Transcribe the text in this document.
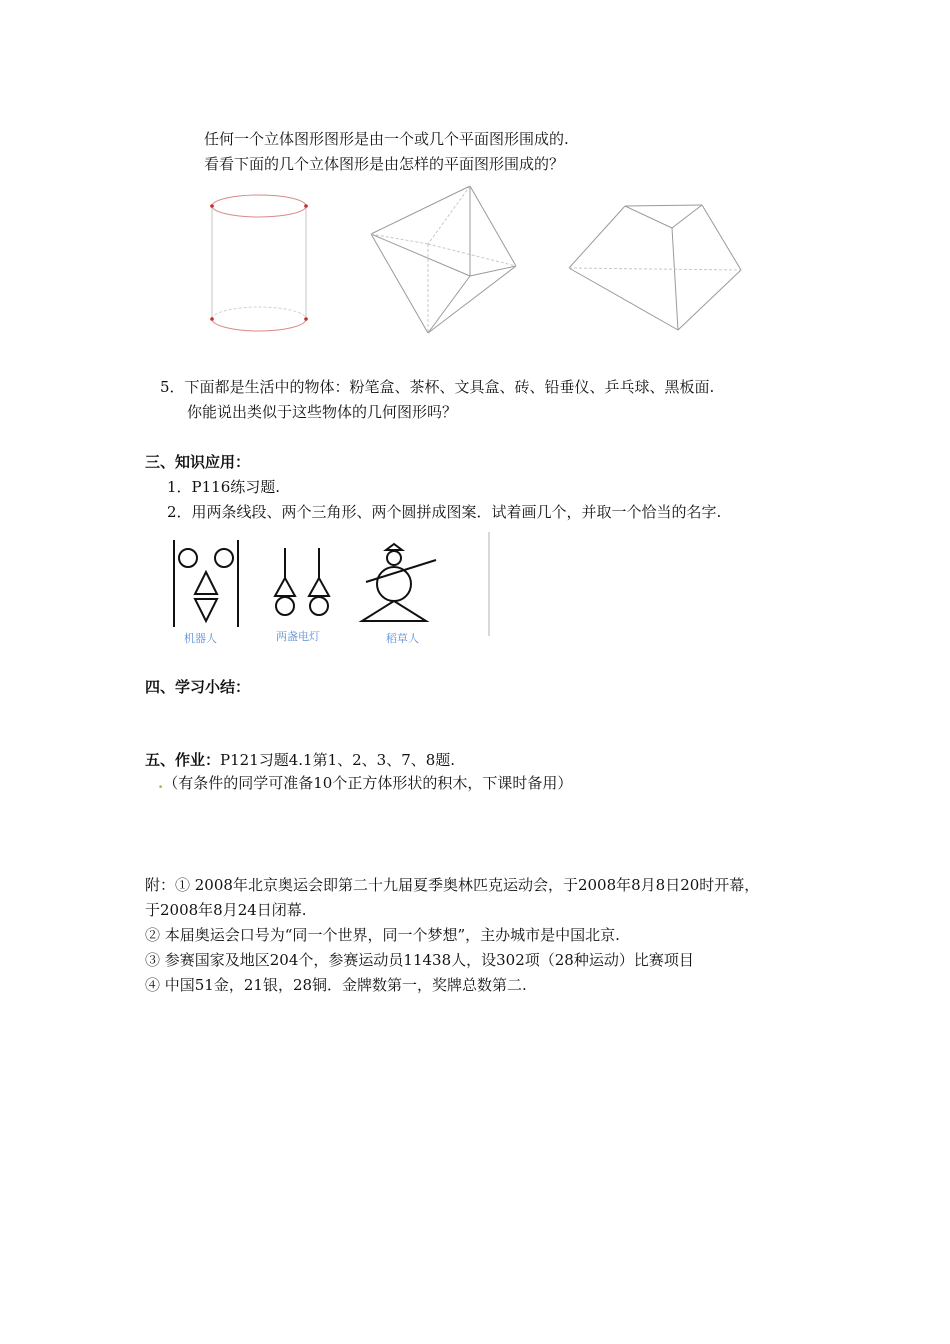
任何一个立体图形图形是由一个或几个平面图形围成的.
看看下面的几个立体图形是由怎样的平面图形围成的？
5．下面都是生活中的物体：粉笔盒、茶杯、文具盒、砖、铅垂仪、乒乓球、黑板面.
你能说出类似于这些物体的几何图形吗？
三、知识应用：
1．P116练习题.
2．用两条线段、两个三角形、两个圆拼成图案．试着画几个，并取一个恰当的名字.
机器人	两盏电灯	稻草人
四、学习小结：
五、作业：P121习题4.1第1、2、3、7、8题.
.（有条件的同学可准备10个正方体形状的积木，下课时备用）
附：① 2008年北京奥运会即第二十九届夏季奥林匹克运动会，于2008年8月8日20时开幕，
于2008年8月24日闭幕.
② 本届奥运会口号为“同一个世界，同一个梦想”，主办城市是中国北京.
③ 参赛国家及地区204个，参赛运动员11438人，设302项（28种运动）比赛项目
④ 中国51金，21银，28铜．金牌数第一，奖牌总数第二.
